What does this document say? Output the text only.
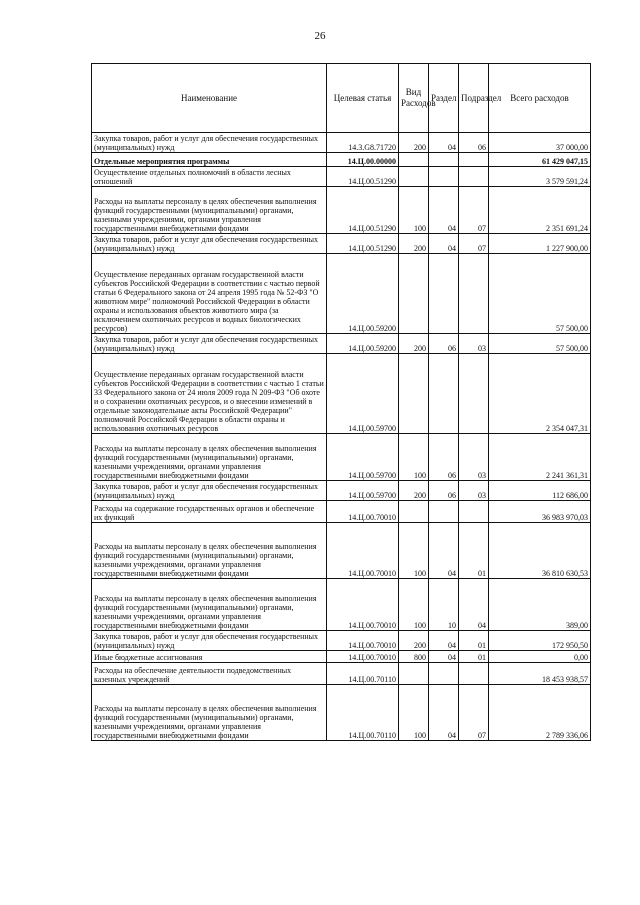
26
Наименование	Целевая статья	Вид Расходов	Раздел	Подраздел	Всего расходов
Закупка товаров, работ и услуг для обеспечения государственных (муниципальных) нужд	14.3.G8.71720	200	04	06	37 000,00
Отдельные мероприятия программы	14.Ц.00.00000				61 429 047,15
Осуществление отдельных полномочий в области лесных отношений	14.Ц.00.51290				3 579 591,24
Расходы на выплаты персоналу в целях обеспечения выполнения функций государственными (муниципальными) органами, казенными учреждениями, органами управления государственными внебюджетными фондами	14.Ц.00.51290	100	04	07	2 351 691,24
Закупка товаров, работ и услуг для обеспечения государственных (муниципальных) нужд	14.Ц.00.51290	200	04	07	1 227 900,00
Осуществление переданных органам государственной власти субъектов Российской Федерации в соответствии с частью первой статьи 6 Федерального закона от 24 апреля 1995 года № 52-ФЗ "О животном мире" полномочий Российской Федерации в области охраны и использования объектов животного мира (за исключением охотничьих ресурсов и водных биологических ресурсов)	14.Ц.00.59200				57 500,00
Закупка товаров, работ и услуг для обеспечения государственных (муниципальных) нужд	14.Ц.00.59200	200	06	03	57 500,00
Осуществление переданных органам государственной власти субъектов Российской Федерации в соответствии с частью 1 статьи 33 Федерального закона от 24 июля 2009 года N 209-ФЗ "Об охоте и о сохранении охотничьих ресурсов, и о внесении изменений в отдельные законодательные акты Российской Федерации" полномочий Российской Федерации в области охраны и использования охотничьих ресурсов	14.Ц.00.59700				2 354 047,31
Расходы на выплаты персоналу в целях обеспечения выполнения функций государственными (муниципальными) органами, казенными учреждениями, органами управления государственными внебюджетными фондами	14.Ц.00.59700	100	06	03	2 241 361,31
Закупка товаров, работ и услуг для обеспечения государственных (муниципальных) нужд	14.Ц.00.59700	200	06	03	112 686,00
Расходы на содержание государственных органов и обеспечение их функций	14.Ц.00.70010				36 983 970,03
Расходы на выплаты персоналу в целях обеспечения выполнения функций государственными (муниципальными) органами, казенными учреждениями, органами управления государственными внебюджетными фондами	14.Ц.00.70010	100	04	01	36 810 630,53
Расходы на выплаты персоналу в целях обеспечения выполнения функций государственными (муниципальными) органами, казенными учреждениями, органами управления государственными внебюджетными фондами	14.Ц.00.70010	100	10	04	389,00
Закупка товаров, работ и услуг для обеспечения государственных (муниципальных) нужд	14.Ц.00.70010	200	04	01	172 950,50
Иные бюджетные ассигнования	14.Ц.00.70010	800	04	01	0,00
Расходы на обеспечение деятельности подведомственных казенных учреждений	14.Ц.00.70110				18 453 938,57
Расходы на выплаты персоналу в целях обеспечения выполнения функций государственными (муниципальными) органами, казенными учреждениями, органами управления государственными внебюджетными фондами	14.Ц.00.70110	100	04	07	2 789 336,06
